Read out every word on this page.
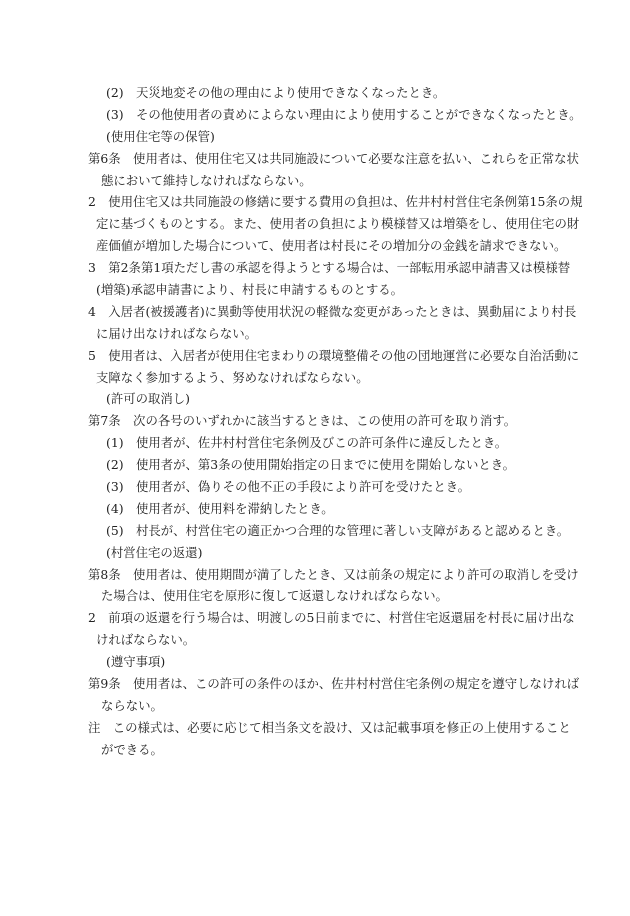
(2)　天災地変その他の理由により使用できなくなったとき。
(3)　その他使用者の責めによらない理由により使用することができなくなったとき。
(使用住宅等の保管)
第6条　使用者は、使用住宅又は共同施設について必要な注意を払い、これらを正常な状
態において維持しなければならない。
2　使用住宅又は共同施設の修繕に要する費用の負担は、佐井村村営住宅条例第15条の規
定に基づくものとする。また、使用者の負担により模様替又は増築をし、使用住宅の財
産価値が増加した場合について、使用者は村長にその増加分の金銭を請求できない。
3　第2条第1項ただし書の承認を得ようとする場合は、一部転用承認申請書又は模様替
(増築)承認申請書により、村長に申請するものとする。
4　入居者(被援護者)に異動等使用状況の軽微な変更があったときは、異動届により村長
に届け出なければならない。
5　使用者は、入居者が使用住宅まわりの環境整備その他の団地運営に必要な自治活動に
支障なく参加するよう、努めなければならない。
(許可の取消し)
第7条　次の各号のいずれかに該当するときは、この使用の許可を取り消す。
(1)　使用者が、佐井村村営住宅条例及びこの許可条件に違反したとき。
(2)　使用者が、第3条の使用開始指定の日までに使用を開始しないとき。
(3)　使用者が、偽りその他不正の手段により許可を受けたとき。
(4)　使用者が、使用料を滞納したとき。
(5)　村長が、村営住宅の適正かつ合理的な管理に著しい支障があると認めるとき。
(村営住宅の返還)
第8条　使用者は、使用期間が満了したとき、又は前条の規定により許可の取消しを受け
た場合は、使用住宅を原形に復して返還しなければならない。
2　前項の返還を行う場合は、明渡しの5日前までに、村営住宅返還届を村長に届け出な
ければならない。
(遵守事項)
第9条　使用者は、この許可の条件のほか、佐井村村営住宅条例の規定を遵守しなければ
ならない。
注　この様式は、必要に応じて相当条文を設け、又は記載事項を修正の上使用すること
ができる。
